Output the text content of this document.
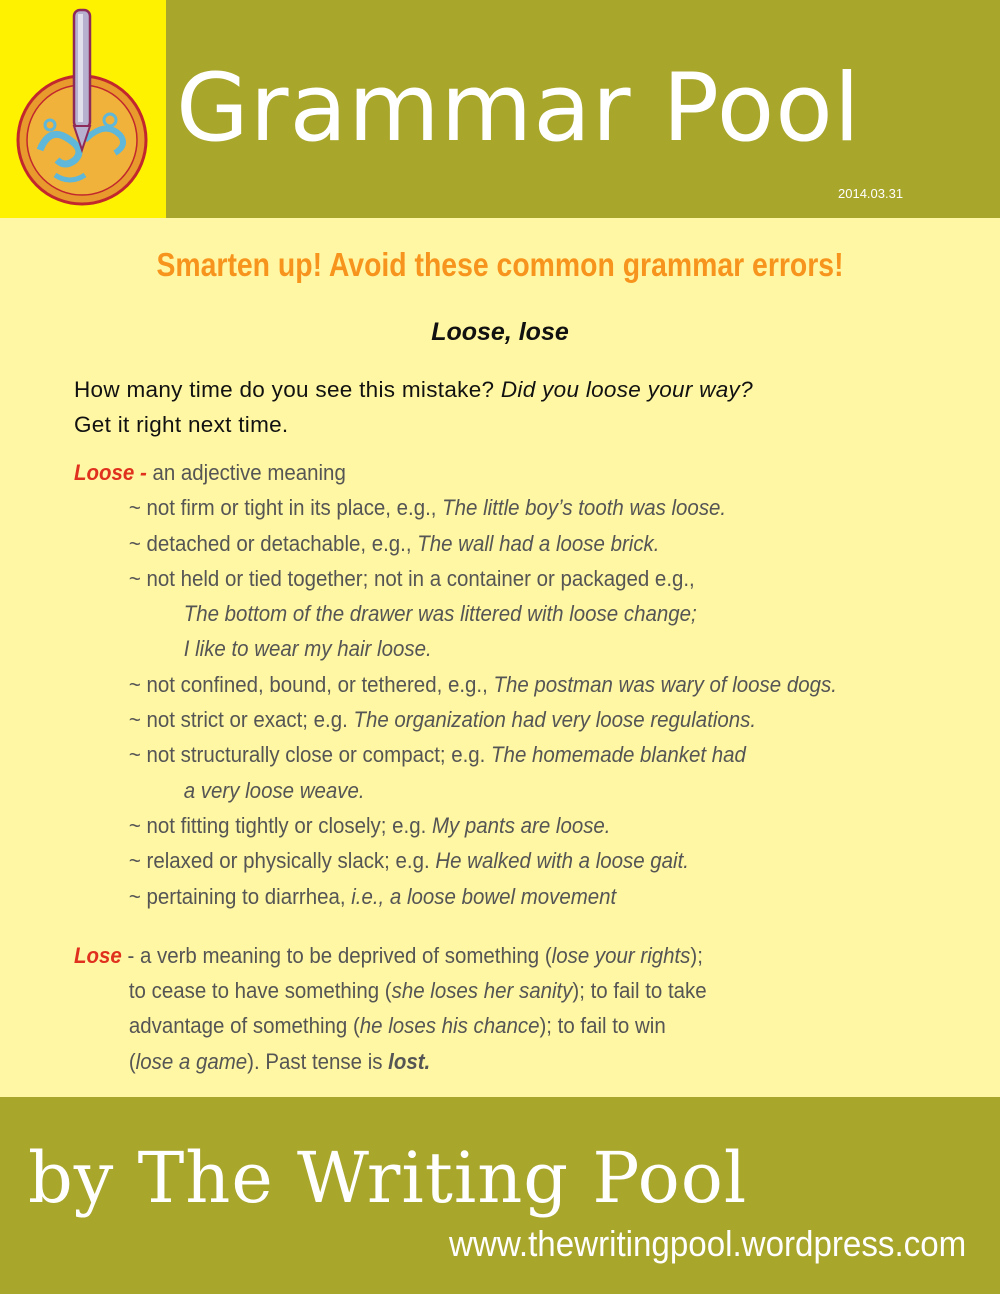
Grammar Pool
2014.03.31
Smarten up! Avoid these common grammar errors!
Loose, lose

How many time do you see this mistake? Did you loose your way?

Get it right next time.

Loose - an adjective meaning
~ not firm or tight in its place, e.g., The little boy’s tooth was loose.
~ detached or detachable, e.g., The wall had a loose brick.
~ not held or tied together; not in a container or packaged e.g.,
The bottom of the drawer was littered with loose change;
I like to wear my hair loose.
~ not confined, bound, or tethered, e.g., The postman was wary of loose dogs.
~ not strict or exact; e.g. The organization had very loose regulations.
~ not structurally close or compact; e.g. The homemade blanket had
a very loose weave.
~ not fitting tightly or closely; e.g. My pants are loose.
~ relaxed or physically slack; e.g. He walked with a loose gait.
~ pertaining to diarrhea, i.e., a loose bowel movement
Lose - a verb meaning to be deprived of something (lose your rights);
to cease to have something (she loses her sanity); to fail to take
advantage of something (he loses his chance); to fail to win
(lose a game). Past tense is lost.
by The Writing Pool
www.thewritingpool.wordpress.com
